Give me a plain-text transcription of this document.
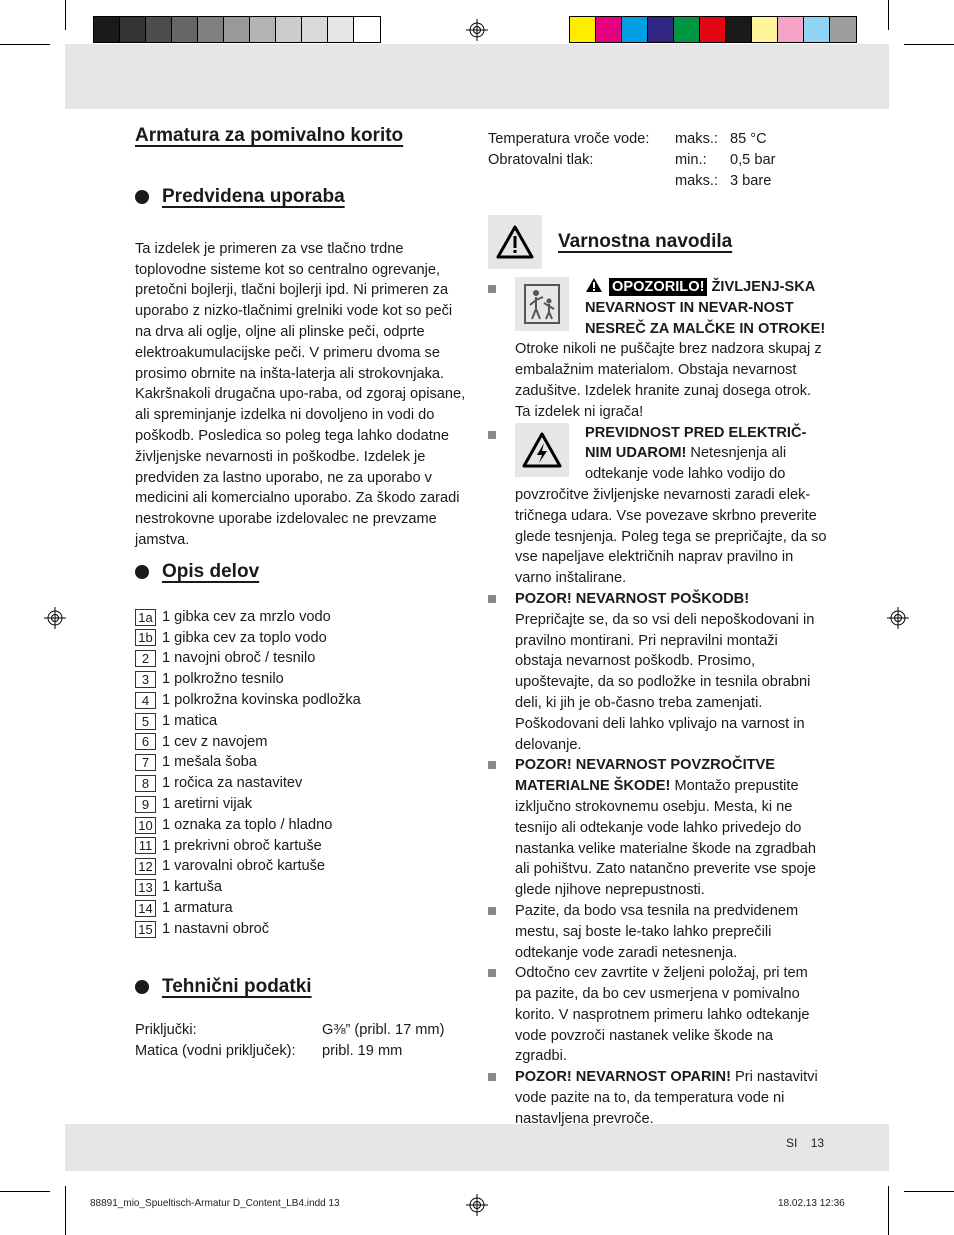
Armatura za pomivalno korito
Predvidena uporaba

Ta izdelek je primeren za vse tlačno trdne toplovodne sisteme kot so centralno ogrevanje, pretočni bojlerji, tlačni bojlerji ipd. Ni primeren za uporabo z nizko-tlačnimi grelniki vode kot so peči na drva ali oglje, oljne ali plinske peči, odprte elektroakumulacijske peči. V primeru dvoma se prosimo obrnite na inšta-laterja ali strokovnjaka. Kakršnakoli drugačna upo-raba, od zgoraj opisane, ali spreminjanje izdelka ni dovoljeno in vodi do poškodb. Posledica so poleg tega lahko dodatne življenjske nevarnosti in poškodbe. Izdelek je predviden za lastno uporabo, ne za uporabo v medicini ali komercialno uporabo. Za škodo zaradi nestrokovne uporabe izdelovalec ne prevzame jamstva.

Opis delov
1a 1 gibka cev za mrzlo vodo
1b 1 gibka cev za toplo vodo
2 1 navojni obroč / tesnilo
3 1 polkrožno tesnilo
4 1 polkrožna kovinska podložka
5 1 matica
6 1 cev z navojem
7 1 mešala šoba
8 1 ročica za nastavitev
9 1 aretirni vijak
10 1 oznaka za toplo / hladno
11 1 prekrivni obroč kartuše
12 1 varovalni obroč kartuše
13 1 kartuša
14 1 armatura
15 1 nastavni obroč
Tehnični podatki
Priključki:	G⅜” (pribl. 17 mm)
Matica (vodni priključek):	pribl. 19 mm
Temperatura vroče vode:	maks.: 85 °C
Obratovalni tlak:	min.:	0,5 bar
maks.: 3 bare
Varnostna navodila

OPOZORILO! ŽIVLJENJ-SKA NEVARNOST IN NEVAR-NOST NESREČ ZA MALČKE IN OTROKE!

Otroke nikoli ne puščajte brez nadzora skupaj z embalažnim materialom. Obstaja nevarnost zadušitve. Izdelek hranite zunaj dosega otrok. Ta izdelek ni igrača!
PREVIDNOST PRED ELEKTRIČ-NIM UDAROM! Netesnjenja ali odtekanje vode lahko vodijo do povzročitve življenjske nevarnosti zaradi elek-tričnega udara. Vse povezave skrbno preverite glede tesnjenja. Poleg tega se prepričajte, da so vse napeljave električnih naprav pravilno in varno inštalirane.
POZOR! NEVARNOST POŠKODB!
Prepričajte se, da so vsi deli nepoškodovani in pravilno montirani. Pri nepravilni montaži obstaja nevarnost poškodb. Prosimo, upoštevajte, da so podložke in tesnila obrabni deli, ki jih je ob-časno treba zamenjati. Poškodovani deli lahko vplivajo na varnost in delovanje.
POZOR! NEVARNOST POVZROČITVE MATERIALNE ŠKODE! Montažo prepustite izključno strokovnemu osebju. Mesta, ki ne tesnijo ali odtekanje vode lahko privedejo do nastanka velike materialne škode na zgradbah ali pohištvu. Zato natančno preverite vse spoje glede njihove neprepustnosti.
Pazite, da bodo vsa tesnila na predvidenem mestu, saj boste le-tako lahko preprečili odtekanje vode zaradi netesnenja.
Odtočno cev zavrtite v željeni položaj, pri tem pa pazite, da bo cev usmerjena v pomivalno korito. V nasprotnem primeru lahko odtekanje vode povzroči nastanek velike škode na zgradbi.
POZOR! NEVARNOST OPARIN! Pri nastavitvi vode pazite na to, da temperatura vode ni nastavljena prevroče.
SI 13
88891_mio_Spueltisch-Armatur D_Content_LB4.indd 13	18.02.13 12:36
